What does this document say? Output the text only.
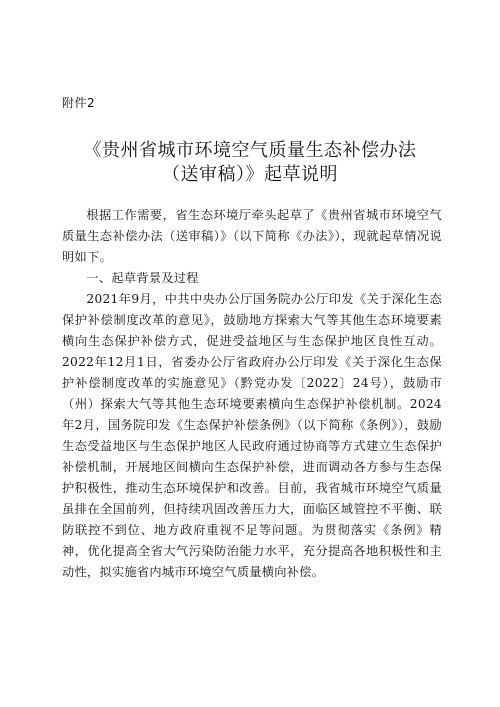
附件2
《贵州省城市环境空气质量生态补偿办法
（送审稿）》起草说明

根据工作需要，省生态环境厅牵头起草了《贵州省城市环境空气质量生态补偿办法（送审稿）》（以下简称《办法》），现就起草情况说明如下。

一、起草背景及过程

2021年9月，中共中央办公厅国务院办公厅印发《关于深化生态保护补偿制度改革的意见》，鼓励地方探索大气等其他生态环境要素横向生态保护补偿方式，促进受益地区与生态保护地区良性互动。2022年12月1日，省委办公厅省政府办公厅印发《关于深化生态保护补偿制度改革的实施意见》（黔党办发〔2022〕24号），鼓励市（州）探索大气等其他生态环境要素横向生态保护补偿机制。2024年2月，国务院印发《生态保护补偿条例》（以下简称《条例》），鼓励生态受益地区与生态保护地区人民政府通过协商等方式建立生态保护补偿机制，开展地区间横向生态保护补偿，进而调动各方参与生态保护积极性，推动生态环境保护和改善。目前，我省城市环境空气质量虽排在全国前列，但持续巩固改善压力大，面临区域管控不平衡、联防联控不到位、地方政府重视不足等问题。为贯彻落实《条例》精神，优化提高全省大气污染防治能力水平，充分提高各地积极性和主动性，拟实施省内城市环境空气质量横向补偿。
